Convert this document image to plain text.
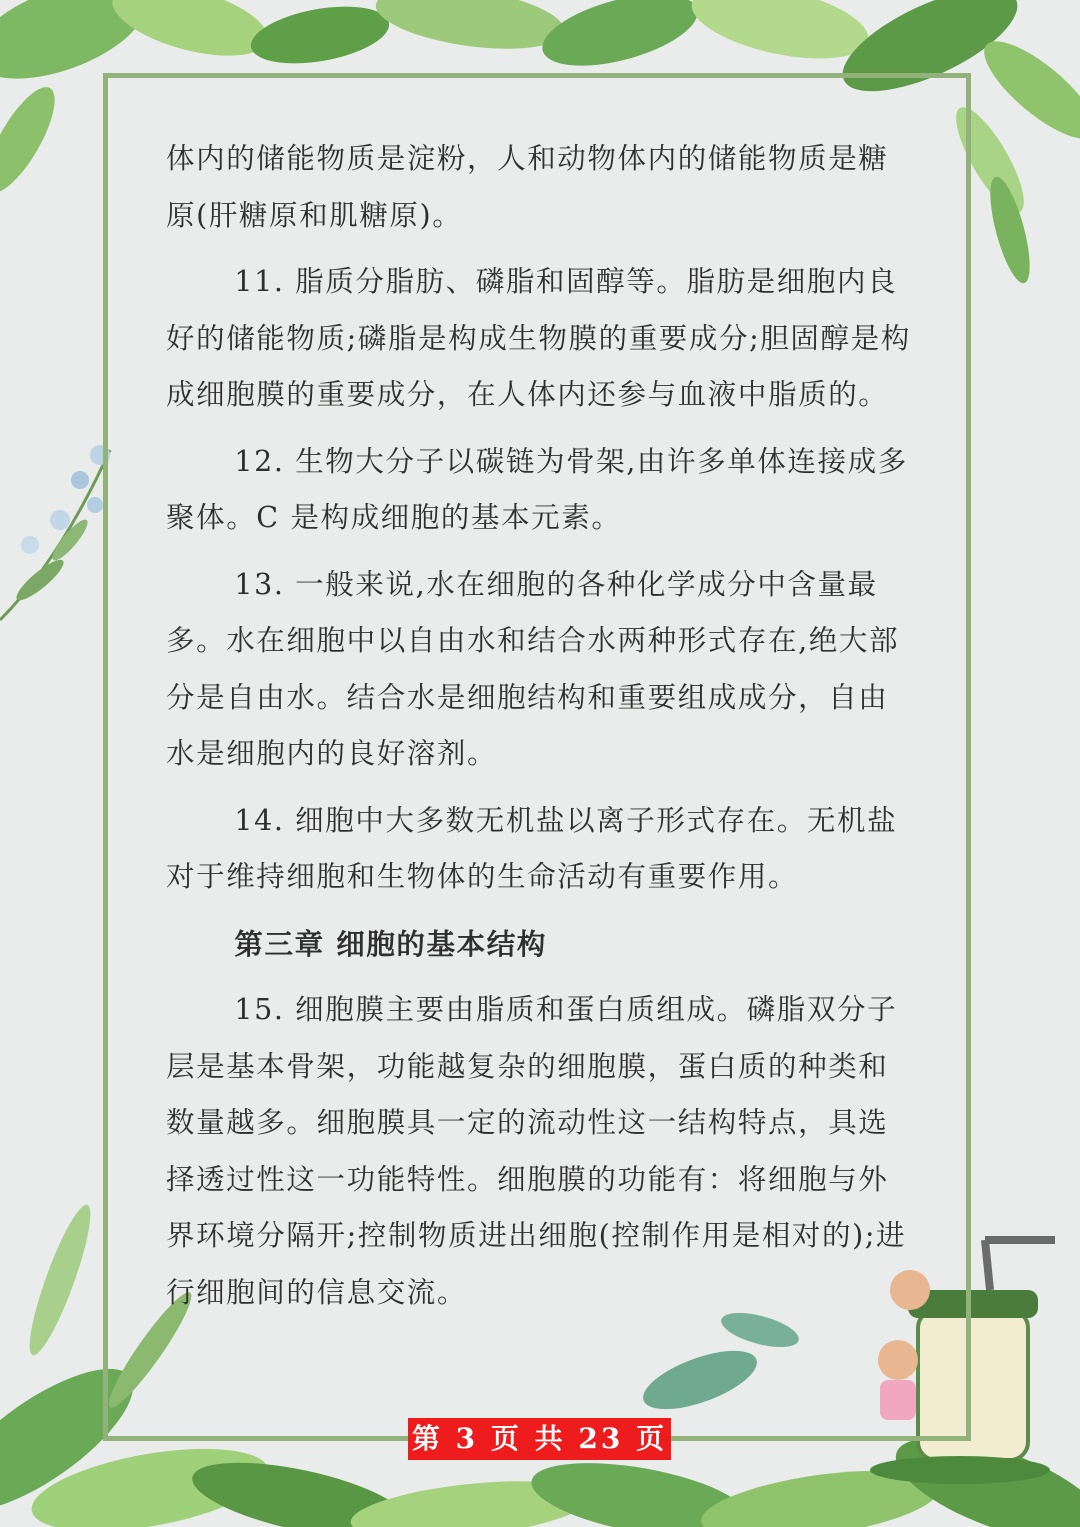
体内的储能物质是淀粉，人和动物体内的储能物质是糖原(肝糖原和肌糖原)。

11. 脂质分脂肪、磷脂和固醇等。脂肪是细胞内良好的储能物质;磷脂是构成生物膜的重要成分;胆固醇是构成细胞膜的重要成分，在人体内还参与血液中脂质的。

12. 生物大分子以碳链为骨架,由许多单体连接成多聚体。C 是构成细胞的基本元素。

13. 一般来说,水在细胞的各种化学成分中含量最多。水在细胞中以自由水和结合水两种形式存在,绝大部分是自由水。结合水是细胞结构和重要组成成分，自由水是细胞内的良好溶剂。

14. 细胞中大多数无机盐以离子形式存在。无机盐对于维持细胞和生物体的生命活动有重要作用。

第三章 细胞的基本结构

15. 细胞膜主要由脂质和蛋白质组成。磷脂双分子层是基本骨架，功能越复杂的细胞膜，蛋白质的种类和数量越多。细胞膜具一定的流动性这一结构特点，具选择透过性这一功能特性。细胞膜的功能有：将细胞与外界环境分隔开;控制物质进出细胞(控制作用是相对的);进行细胞间的信息交流。

第 3 页 共 23 页
